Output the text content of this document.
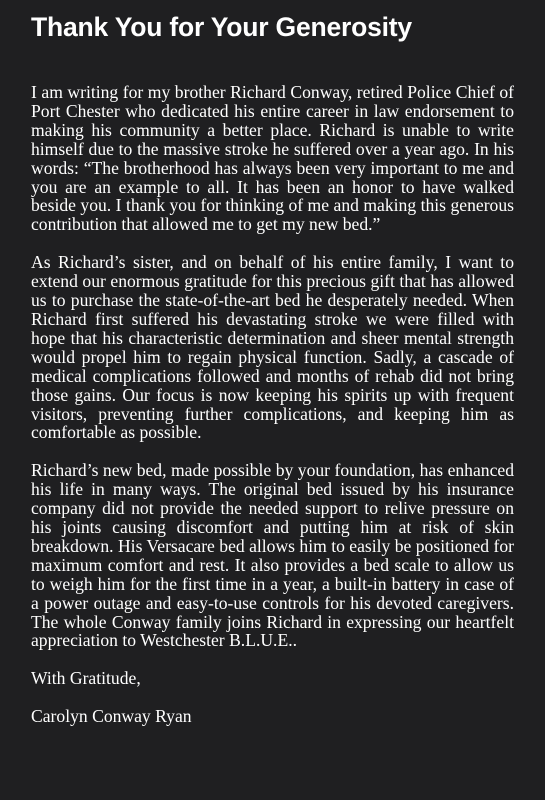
Thank You for Your Generosity

I am writing for my brother Richard Conway, retired Police Chief of Port Chester who dedicated his entire career in law endorsement to making his community a better place. Richard is unable to write himself due to the massive stroke he suffered over a year ago. In his words: “The brotherhood has always been very important to me and you are an example to all. It has been an honor to have walked beside you. I thank you for thinking of me and making this generous contribution that allowed me to get my new bed.”

As Richard’s sister, and on behalf of his entire family, I want to extend our enormous gratitude for this precious gift that has allowed us to purchase the state-of-the-art bed he desperately needed. When Richard first suffered his devastating stroke we were filled with hope that his characteristic determination and sheer mental strength would propel him to regain physical function. Sadly, a cascade of medical complications followed and months of rehab did not bring those gains. Our focus is now keeping his spirits up with frequent visitors, preventing further complications, and keeping him as comfortable as possible.

Richard’s new bed, made possible by your foundation, has enhanced his life in many ways. The original bed issued by his insurance company did not provide the needed support to relive pressure on his joints causing discomfort and putting him at risk of skin breakdown. His Versacare bed allows him to easily be positioned for maximum comfort and rest. It also provides a bed scale to allow us to weigh him for the first time in a year, a built-in battery in case of a power outage and easy-to-use controls for his devoted caregivers. The whole Conway family joins Richard in expressing our heartfelt appreciation to Westchester B.L.U.E..

With Gratitude,

Carolyn Conway Ryan
